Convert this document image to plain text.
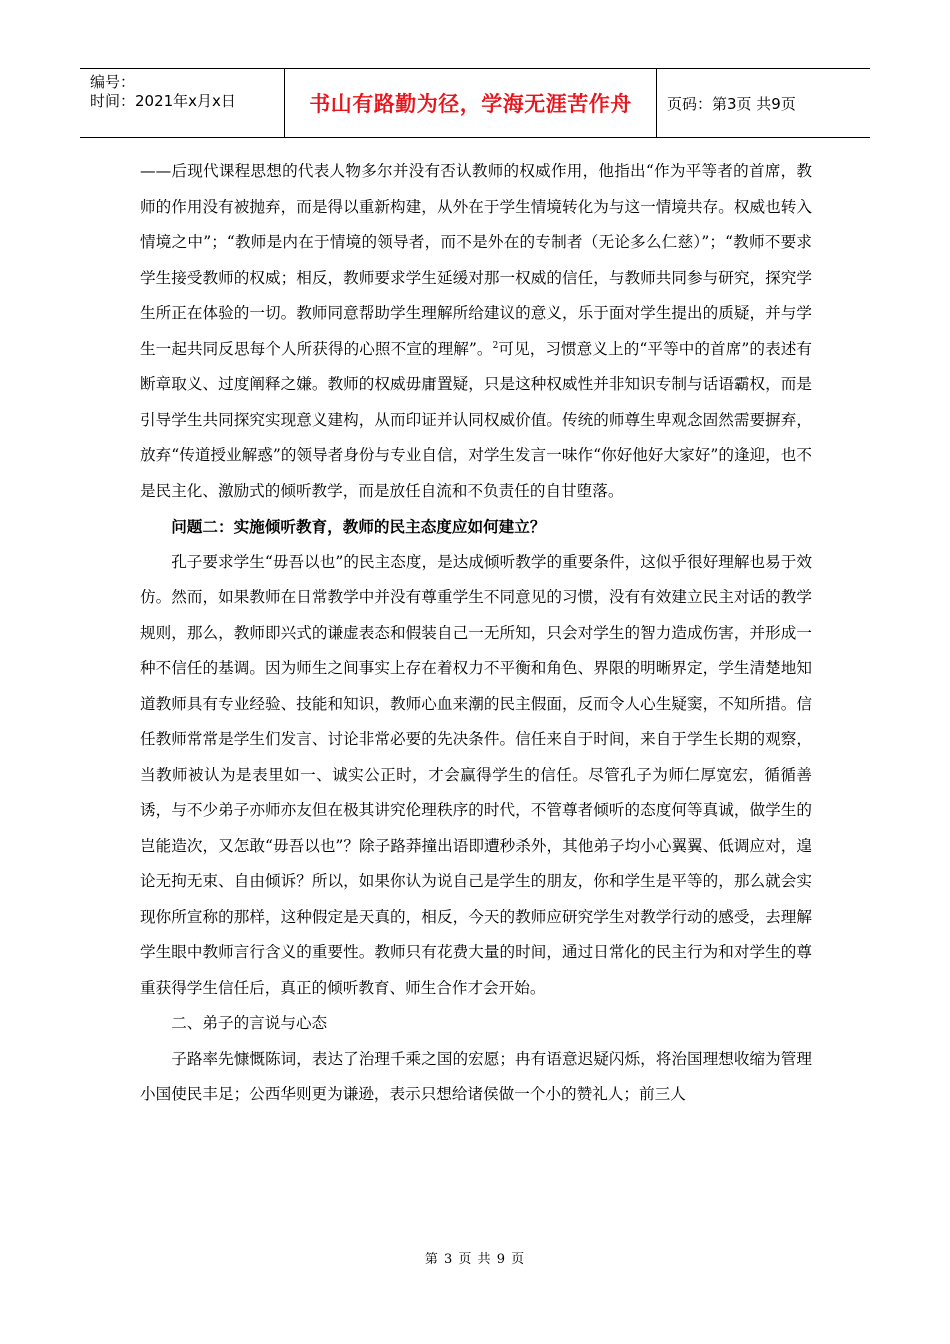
编号：
时间：2021年x月x日	书山有路勤为径，学海无涯苦作舟	页码：第3页 共9页

——后现代课程思想的代表人物多尔并没有否认教师的权威作用，他指出“作为平等者的首席，教师的作用没有被抛弃，而是得以重新构建，从外在于学生情境转化为与这一情境共存。权威也转入情境之中”；“教师是内在于情境的领导者，而不是外在的专制者（无论多么仁慈）”；“教师不要求学生接受教师的权威；相反，教师要求学生延缓对那一权威的信任，与教师共同参与研究，探究学生所正在体验的一切。教师同意帮助学生理解所给建议的意义，乐于面对学生提出的质疑，并与学生一起共同反思每个人所获得的心照不宣的理解”。$^2$可见，习惯意义上的“平等中的首席”的表述有断章取义、过度阐释之嫌。教师的权威毋庸置疑，只是这种权威性并非知识专制与话语霸权，而是引导学生共同探究实现意义建构，从而印证并认同权威价值。传统的师尊生卑观念固然需要摒弃，放弃“传道授业解惑”的领导者身份与专业自信，对学生发言一味作“你好他好大家好”的逢迎，也不是民主化、激励式的倾听教学，而是放任自流和不负责任的自甘堕落。

问题二：实施倾听教育，教师的民主态度应如何建立？

孔子要求学生“毋吾以也”的民主态度，是达成倾听教学的重要条件，这似乎很好理解也易于效仿。然而，如果教师在日常教学中并没有尊重学生不同意见的习惯，没有有效建立民主对话的教学规则，那么，教师即兴式的谦虚表态和假装自己一无所知，只会对学生的智力造成伤害，并形成一种不信任的基调。因为师生之间事实上存在着权力不平衡和角色、界限的明晰界定，学生清楚地知道教师具有专业经验、技能和知识，教师心血来潮的民主假面，反而令人心生疑窦，不知所措。信任教师常常是学生们发言、讨论非常必要的先决条件。信任来自于时间，来自于学生长期的观察，当教师被认为是表里如一、诚实公正时，才会赢得学生的信任。尽管孔子为师仁厚宽宏，循循善诱，与不少弟子亦师亦友但在极其讲究伦理秩序的时代，不管尊者倾听的态度何等真诚，做学生的岂能造次，又怎敢“毋吾以也”？除子路莽撞出语即遭秒杀外，其他弟子均小心翼翼、低调应对，遑论无拘无束、自由倾诉？所以，如果你认为说自己是学生的朋友，你和学生是平等的，那么就会实现你所宣称的那样，这种假定是天真的，相反，今天的教师应研究学生对教学行动的感受，去理解学生眼中教师言行含义的重要性。教师只有花费大量的时间，通过日常化的民主行为和对学生的尊重获得学生信任后，真正的倾听教育、师生合作才会开始。

二、弟子的言说与心态

子路率先慷慨陈词，表达了治理千乘之国的宏愿；冉有语意迟疑闪烁，将治国理想收缩为管理小国使民丰足；公西华则更为谦逊，表示只想给诸侯做一个小的赞礼人；前三人

第 3 页 共 9 页
